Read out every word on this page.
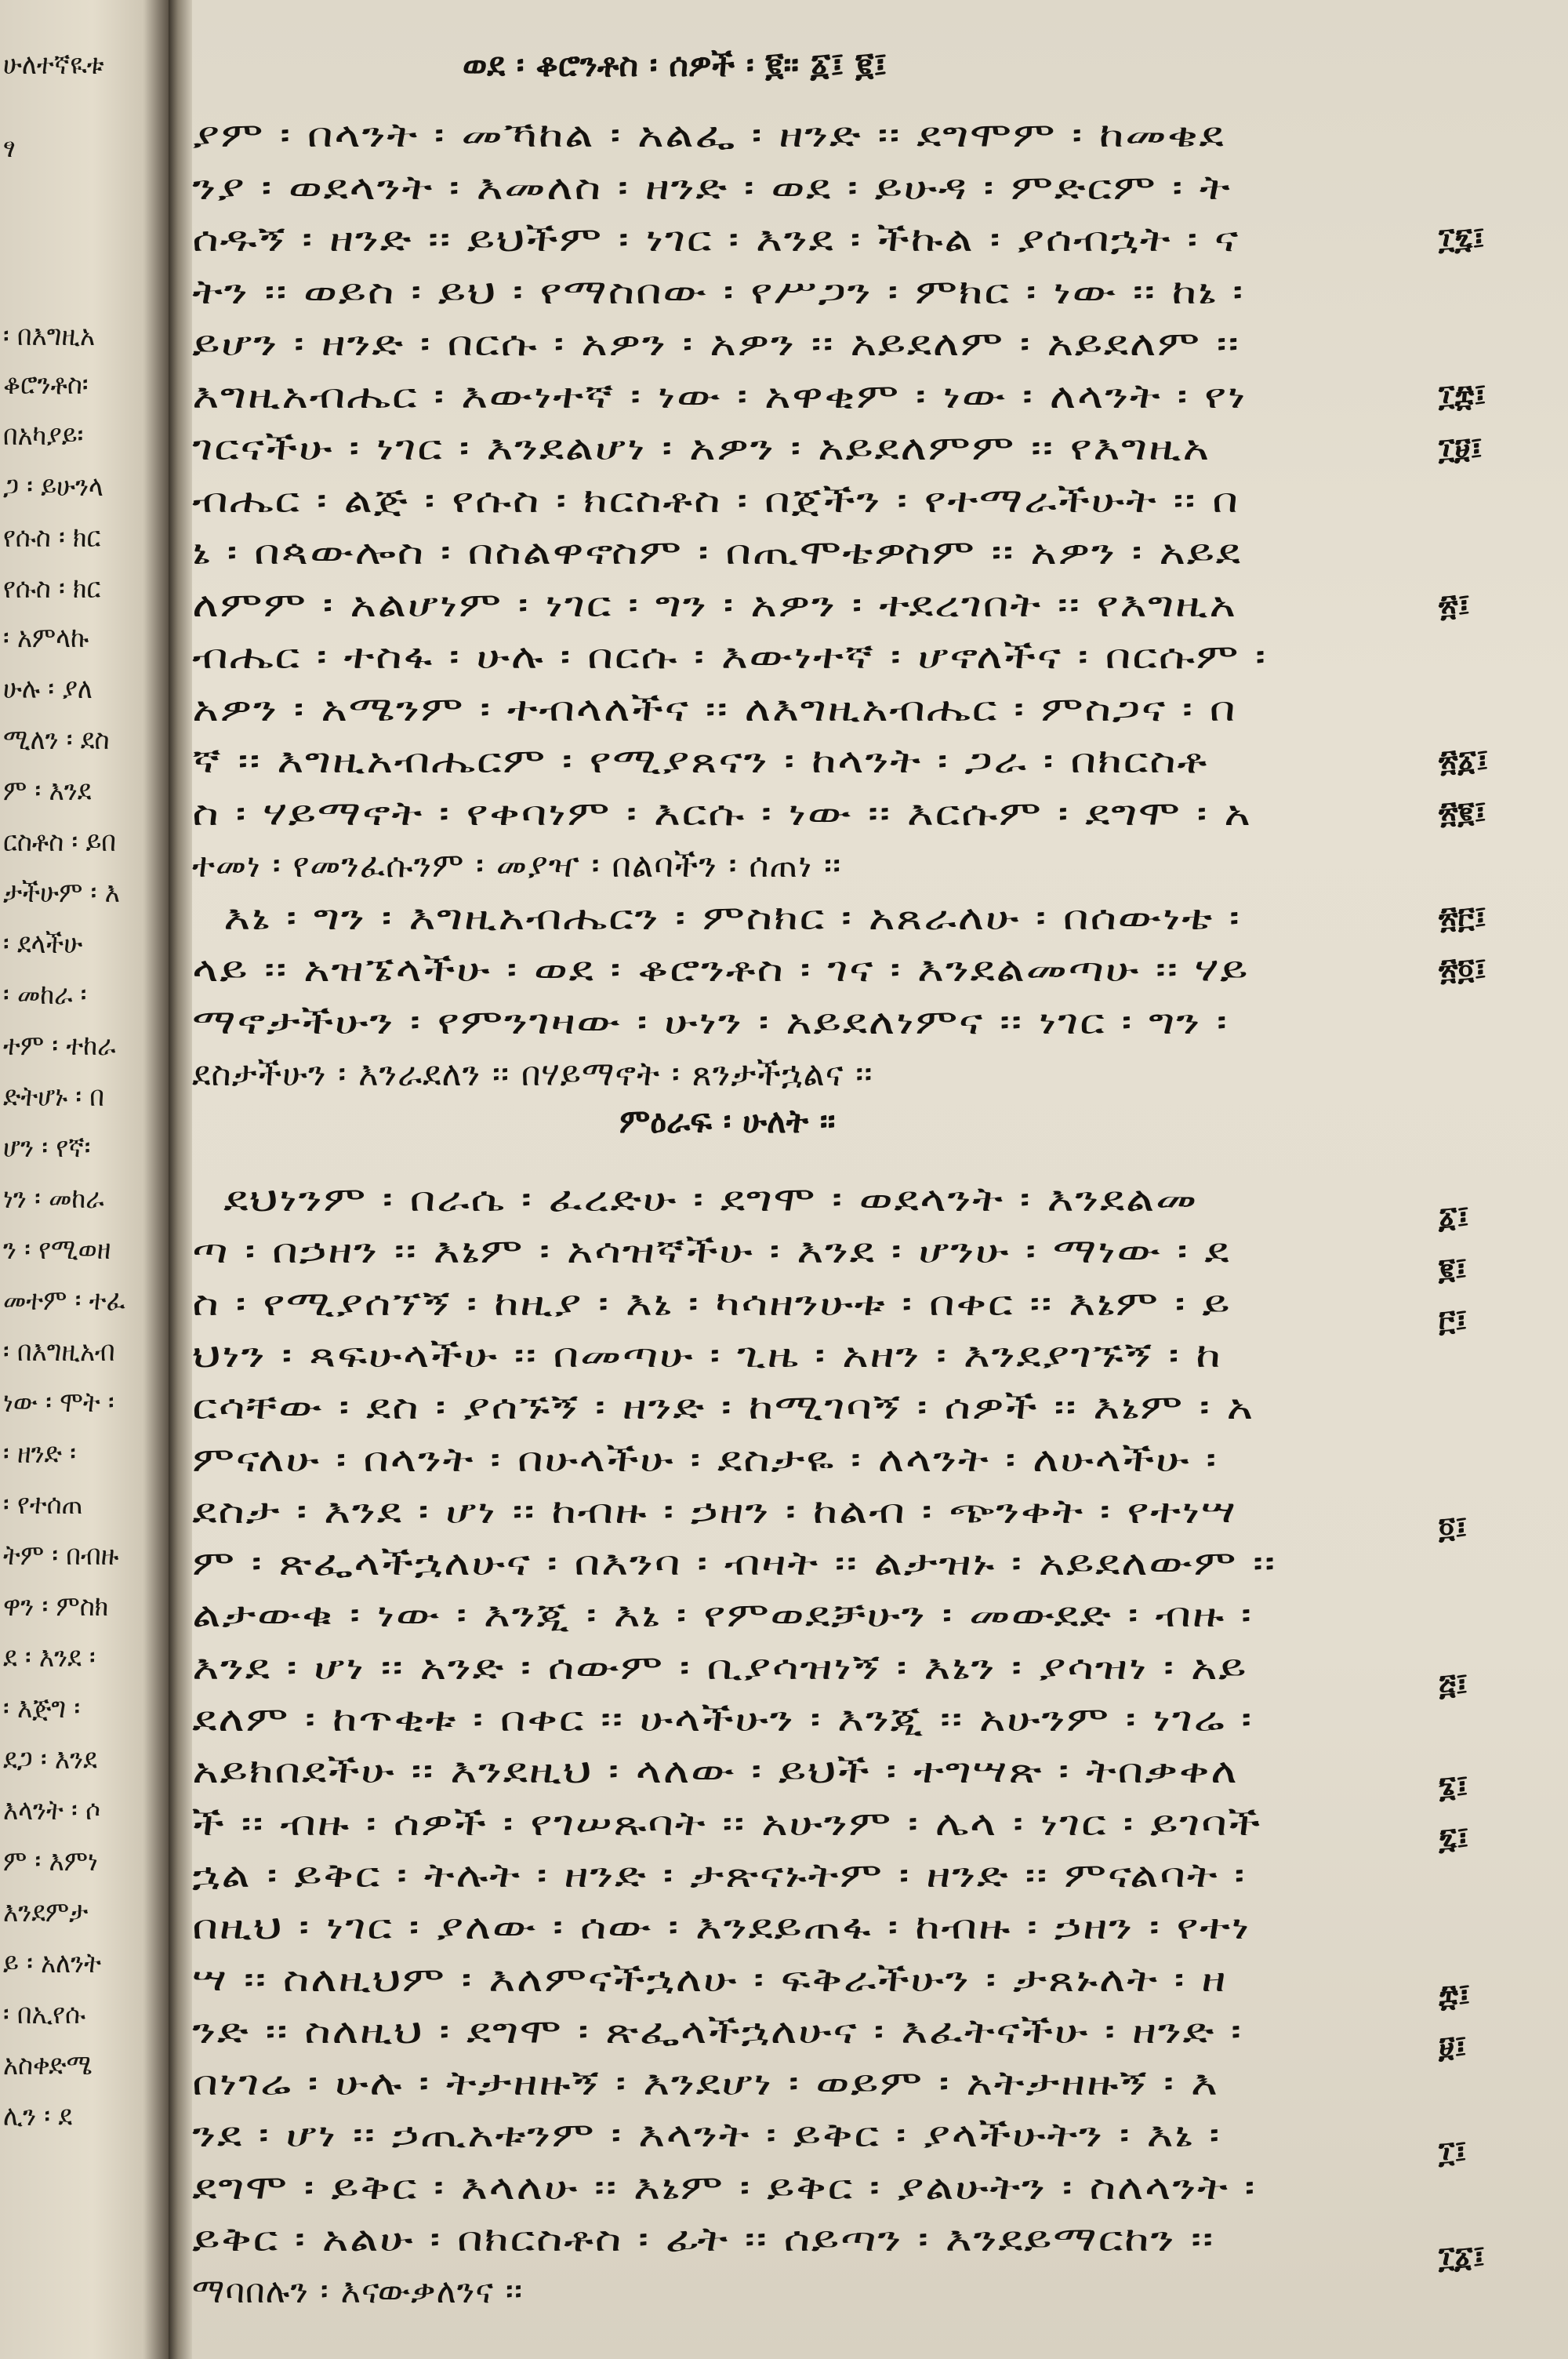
ሁለተኛዪቱ
ፃ
፡ በእግዚአ
ቆሮንቶስ፡
በአካያይ፡
ጋ ፡ ይሁንላ
የሱስ ፡ ክር
የሱስ ፡ ክር
፡ አምላኩ
ሁሉ ፡ ያለ
ሚለን ፡ ደስ
ም ፡ እንደ
ርስቶስ ፡ ይበ
ታችሁም ፡ እ
፡ ደላችሁ
፡ መከራ ፡
ተም ፡ ተከራ
ድትሆኑ ፡ በ
ሆን ፡ የኛ፡
ነን ፡ መከራ
ን ፡ የሚወዘ
መተም ፡ ተፈ
፡ በእግዚአብ
ነው ፡ ሞት ፡
፡ ዘንድ ፡
፡ የተሰጠ
ትም ፡ በብዙ
ዋን ፡ ምስክ
ደ ፡ እንደ ፡
፡ እጅግ ፡
ደጋ ፡ እንደ
እላንት ፡ ሶ
ም ፡ እምነ
እንደምታ
ይ ፡ አለንት
፡ በኢየሱ
አስቀድሜ
ሊን ፡ ደ
ወደ ፡ ቆሮንቶስ ፡ ሰዎች ፡ ፪። ፩፤ ፪፤
ያም ፡ በላንት ፡ መኻከል ፡ አልፌ ፡ ዘንድ ፡፡ ደግሞም ፡ ከመቄደ
ንያ ፡ ወደላንት ፡ እመለስ ፡ ዘንድ ፡ ወደ ፡ ይሁዳ ፡ ምድርም ፡ ት
ሰዱኝ ፡ ዘንድ ፡፡ ይህችም ፡ ነገር ፡ እንደ ፡ ችኩል ፡ ያሰብኋት ፡ ና
ትን ፡፡ ወይስ ፡ ይህ ፡ የማስበው ፡ የሥጋን ፡ ምክር ፡ ነው ፡፡ ከኔ ፡
ይሆን ፡ ዘንድ ፡ በርሱ ፡ አዎን ፡ አዎን ፡፡ አይደለም ፡ አይደለም ፡፡
እግዚአብሔር ፡ እውነተኛ ፡ ነው ፡ አዋቂም ፡ ነው ፡ ለላንት ፡ የነ
ገርናችሁ ፡ ነገር ፡ እንደልሆነ ፡ አዎን ፡ አይደለምም ፡፡ የእግዚአ
ብሔር ፡ ልጅ ፡ የሱስ ፡ ክርስቶስ ፡ በጀችን ፡ የተማራችሁት ፡፡ በ
ኔ ፡ በጳውሎስ ፡ በስልዋኖስም ፡ በጢሞቴዎስም ፡፡ አዎን ፡ አይደ
ለምም ፡ አልሆነም ፡ ነገር ፡ ግን ፡ አዎን ፡ ተደረገበት ፡፡ የእግዚአ
ብሔር ፡ ተስፋ ፡ ሁሉ ፡ በርሱ ፡ እውነተኛ ፡ ሆኖለችና ፡ በርሱም ፡
አዎን ፡ አሜንም ፡ ተብላለችና ፡፡ ለእግዚአብሔር ፡ ምስጋና ፡ በ
ኛ ፡፡ እግዚአብሔርም ፡ የሚያጸናን ፡ ከላንት ፡ ጋራ ፡ በክርስቶ
ስ ፡ ሃይማኖት ፡ የቀባነም ፡ እርሱ ፡ ነው ፡፡ እርሱም ፡ ደግሞ ፡ አ
ተመነ ፡ የመንፈሱንም ፡ መያዣ ፡ በልባችን ፡ ሰጠነ ፡፡
እኔ ፡ ግን ፡ እግዚአብሔርን ፡ ምስክር ፡ አጸራለሁ ፡ በሰውነቴ ፡
ላይ ፡፡ አዝኜላችሁ ፡ ወደ ፡ ቆሮንቶስ ፡ ገና ፡ እንደልመጣሁ ፡፡ ሃይ
ማኖታችሁን ፡ የምንገዛው ፡ ሁነን ፡ አይደለነምና ፡፡ ነገር ፡ ግን ፡
ደስታችሁን ፡ እንራደለን ፡፡ በሃይማኖት ፡ ጸንታችኋልና ፡፡
ምዕራፍ ፡ ሁለት ፡፡
ደህነንም ፡ በራሴ ፡ ፈረድሁ ፡ ደግሞ ፡ ወደላንት ፡ እንደልመ
ጣ ፡ በኃዘን ፡፡ እኔም ፡ አሳዝኛችሁ ፡ እንደ ፡ ሆንሁ ፡ ማነው ፡ ደ
ስ ፡ የሚያሰኘኝ ፡ ከዚያ ፡ እኔ ፡ ካሳዘንሁቱ ፡ በቀር ፡፡ እኔም ፡ ይ
ህነን ፡ ጻፍሁላችሁ ፡፡ በመጣሁ ፡ ጊዜ ፡ አዘን ፡ እንደያገኙኝ ፡ ከ
ርሳቸው ፡ ደስ ፡ ያሰኙኝ ፡ ዘንድ ፡ ከሚገባኝ ፡ ሰዎች ፡፡ እኔም ፡ አ
ምናለሁ ፡ በላንት ፡ በሁላችሁ ፡ ደስታዬ ፡ ለላንት ፡ ለሁላችሁ ፡
ደስታ ፡ እንደ ፡ ሆነ ፡፡ ከብዙ ፡ ኃዘን ፡ ከልብ ፡ ጭንቀት ፡ የተነሣ
ም ፡ ጽፌላችኋለሁና ፡ በእንባ ፡ ብዛት ፡፡ ልታዝኑ ፡ አይደለውም ፡፡
ልታውቁ ፡ ነው ፡ እንጂ ፡ እኔ ፡ የምወደቻሁን ፡ መውደድ ፡ ብዙ ፡
እንደ ፡ ሆነ ፡፡ አንድ ፡ ሰውም ፡ ቢያሳዝነኝ ፡ እኔን ፡ ያሳዝነ ፡ አይ
ደለም ፡ ከጥቂቱ ፡ በቀር ፡፡ ሁላችሁን ፡ እንጂ ፡፡ አሁንም ፡ ነገሬ ፡
አይክበደችሁ ፡፡ እንደዚህ ፡ ላለው ፡ ይህች ፡ ተግሣጽ ፡ ትበቃቀለ
ች ፡፡ ብዙ ፡ ሰዎች ፡ የገሠጹባት ፡፡ አሁንም ፡ ሌላ ፡ ነገር ፡ ይገባች
ኋል ፡ ይቅር ፡ ትሉት ፡ ዘንድ ፡ ታጽናኑትም ፡ ዘንድ ፡፡ ምናልባት ፡
በዚህ ፡ ነገር ፡ ያለው ፡ ሰው ፡ እንደይጠፋ ፡ ከብዙ ፡ ኃዘን ፡ የተነ
ሣ ፡፡ ስለዚህም ፡ እለምናችኋለሁ ፡ ፍቅራችሁን ፡ ታጸኑለት ፡ ዘ
ንድ ፡፡ ስለዚህ ፡ ደግሞ ፡ ጽፌላችኋለሁና ፡ እፈትናችሁ ፡ ዘንድ ፡
በነገሬ ፡ ሁሉ ፡ ትታዘዙኝ ፡ እንደሆነ ፡ ወይም ፡ አትታዘዙኝ ፡ እ
ንደ ፡ ሆነ ፡፡ ኃጢአቱንም ፡ እላንት ፡ ይቅር ፡ ያላችሁትን ፡ እኔ ፡
ደግሞ ፡ ይቅር ፡ እላለሁ ፡፡ እኔም ፡ ይቅር ፡ ያልሁትን ፡ ስለላንት ፡
ይቅር ፡ አልሁ ፡ በክርስቶስ ፡ ፊት ፡፡ ሰይጣን ፡ እንደይማርከን ፡፡
ማባበሉን ፡ እናውቃለንና ፡፡
፲፯፤
፲፰፤
፲፱፤
፳፤
፳፩፤
፳፪፤
፳፫፤
፳፬፤
፩፤
፪፤
፫፤
፬፤
፭፤
፮፤
፯፤
፰፤
፱፤
፲፤
፲፩፤
